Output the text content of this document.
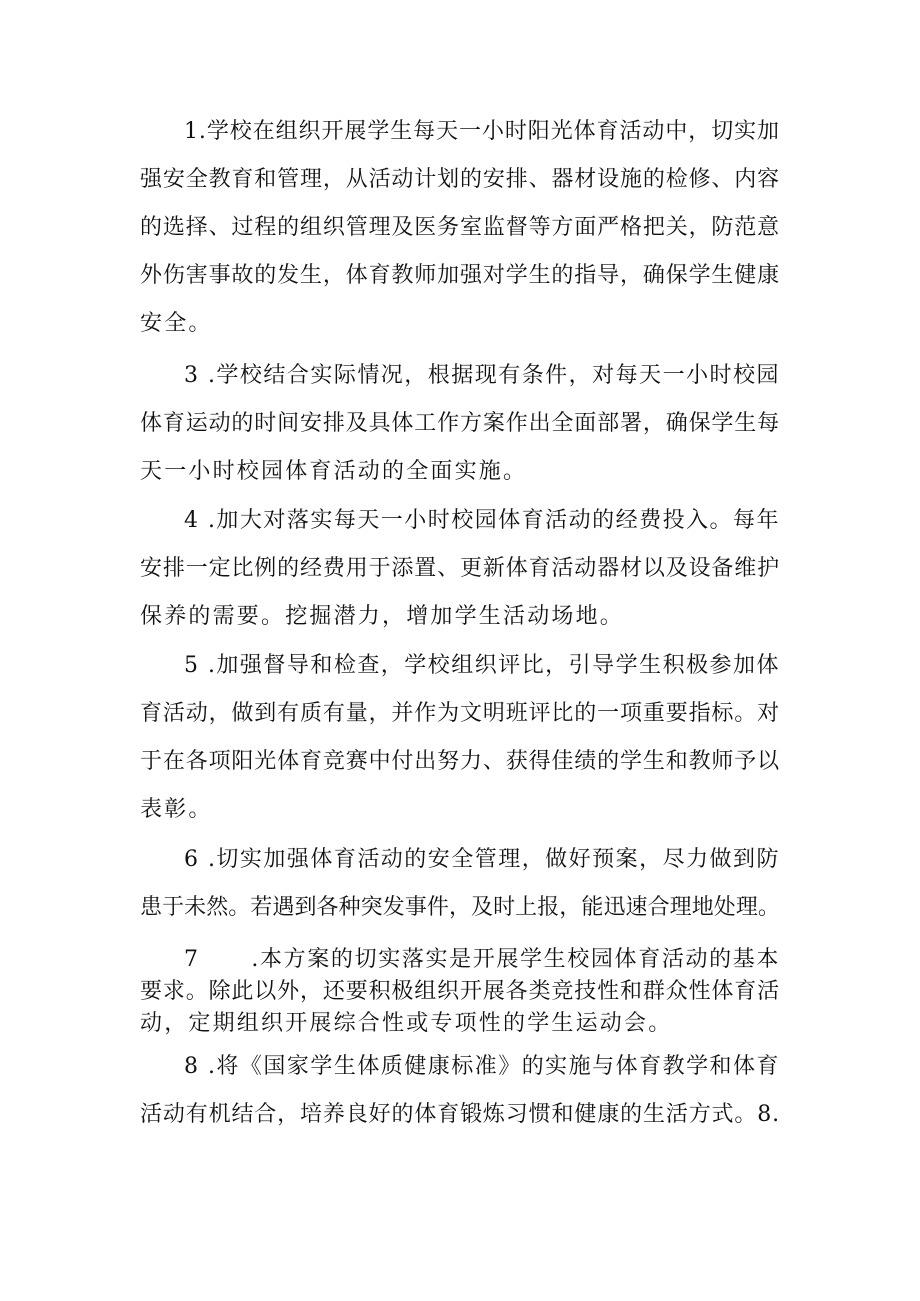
1.学校在组织开展学生每天一小时阳光体育活动中，切实加
强安全教育和管理，从活动计划的安排、器材设施的检修、内容
的选择、过程的组织管理及医务室监督等方面严格把关，防范意
外伤害事故的发生，体育教师加强对学生的指导，确保学生健康
安全。

3 .学校结合实际情况，根据现有条件，对每天一小时校园
体育运动的时间安排及具体工作方案作出全面部署，确保学生每
天一小时校园体育活动的全面实施。

4 .加大对落实每天一小时校园体育活动的经费投入。每年
安排一定比例的经费用于添置、更新体育活动器材以及设备维护
保养的需要。挖掘潜力，增加学生活动场地。

5 .加强督导和检查，学校组织评比，引导学生积极参加体
育活动，做到有质有量，并作为文明班评比的一项重要指标。对
于在各项阳光体育竞赛中付出努力、获得佳绩的学生和教师予以
表彰。

6 .切实加强体育活动的安全管理，做好预案，尽力做到防
患于未然。若遇到各种突发事件，及时上报，能迅速合理地处理。

7      .本方案的切实落实是开展学生校园体育活动的基本
要求。除此以外，还要积极组织开展各类竞技性和群众性体育活
动，定期组织开展综合性或专项性的学生运动会。

8 .将《国家学生体质健康标准》的实施与体育教学和体育
活动有机结合，培养良好的体育锻炼习惯和健康的生活方式。8.
